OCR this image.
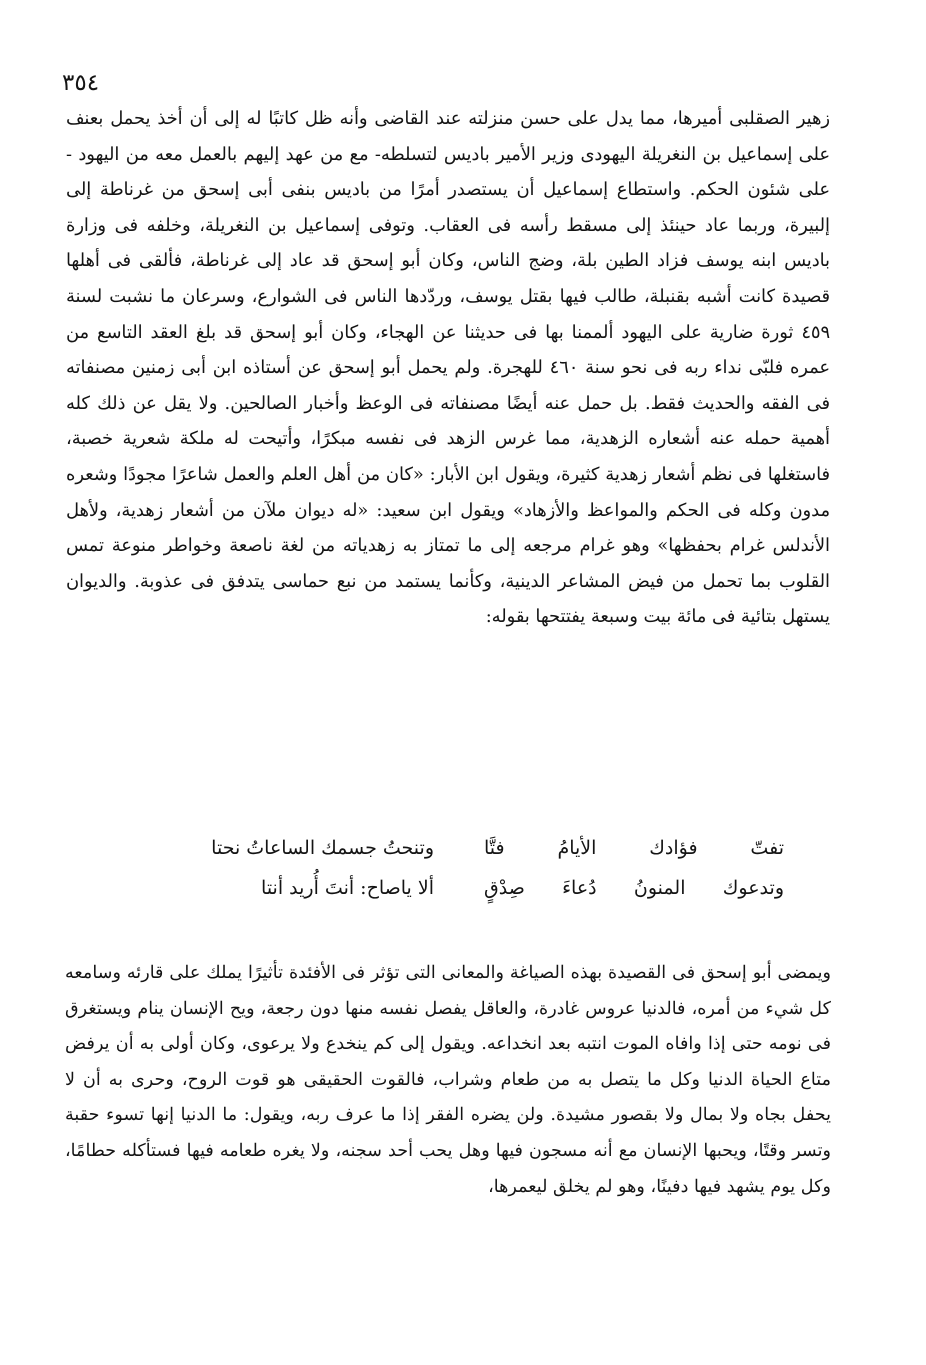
٣٥٤

زهير الصقلبى أميرها، مما يدل على حسن منزلته عند القاضى وأنه ظل كاتبًا له إلى أن أخذ يحمل بعنف على إسماعيل بن النغريلة اليهودى وزير الأمير باديس لتسلطه- مع من عهد إليهم بالعمل معه من اليهود - على شئون الحكم. واستطاع إسماعيل أن يستصدر أمرًا من باديس بنفى أبى إسحق من غرناطة إلى إلبيرة، وربما عاد حينئذ إلى مسقط رأسه فى العقاب. وتوفى إسماعيل بن النغريلة، وخلفه فى وزارة باديس ابنه يوسف فزاد الطين بلة، وضج الناس، وكان أبو إسحق قد عاد إلى غرناطة، فألقى فى أهلها قصيدة كانت أشبه بقنبلة، طالب فيها بقتل يوسف، وردّدها الناس فى الشوارع، وسرعان ما نشبت لسنة ٤٥٩ ثورة ضارية على اليهود ألممنا بها فى حديثنا عن الهجاء، وكان أبو إسحق قد بلغ العقد التاسع من عمره فلبّى نداء ربه فى نحو سنة ٤٦٠ للهجرة. ولم يحمل أبو إسحق عن أستاذه ابن أبى زمنين مصنفاته فى الفقه والحديث فقط. بل حمل عنه أيضًا مصنفاته فى الوعظ وأخبار الصالحين. ولا يقل عن ذلك كله أهمية حمله عنه أشعاره الزهدية، مما غرس الزهد فى نفسه مبكرًا، وأتيحت له ملكة شعرية خصبة، فاستغلها فى نظم أشعار زهدية كثيرة، ويقول ابن الأبار: «كان من أهل العلم والعمل شاعرًا مجودًا وشعره مدون وكله فى الحكم والمواعظ والأزهاد» ويقول ابن سعيد: «له ديوان ملآن من أشعار زهدية، ولأهل الأندلس غرام بحفظها» وهو غرام مرجعه إلى ما تمتاز به زهدياته من لغة ناصعة وخواطر منوعة تمس القلوب بما تحمل من فيض المشاعر الدينية، وكأنما يستمد من نبع حماسى يتدفق فى عذوبة. والديوان يستهل بتائية فى مائة بيت وسبعة يفتتحها بقوله:

تفتّ فؤادك الأيامُ فتَّا
وتنحتُ جسمك الساعاتُ نحتا
وتدعوك المنونُ دُعاءَ صِدْقٍ
ألا ياصاح: أنتَ أُريد أنتا

ويمضى أبو إسحق فى القصيدة بهذه الصياغة والمعانى التى تؤثر فى الأفئدة تأثيرًا يملك على قارئه وسامعه كل شيء من أمره، فالدنيا عروس غادرة، والعاقل يفصل نفسه منها دون رجعة، ويح الإنسان ينام ويستغرق فى نومه حتى إذا وافاه الموت انتبه بعد انخداعه. ويقول إلى كم ينخدع ولا يرعوى، وكان أولى به أن يرفض متاع الحياة الدنيا وكل ما يتصل به من طعام وشراب، فالقوت الحقيقى هو قوت الروح، وحرى به أن لا يحفل بجاه ولا بمال ولا بقصور مشيدة. ولن يضره الفقر إذا ما عرف ربه، ويقول: ما الدنيا إنها تسوء حقبة وتسر وقتًا، ويحبها الإنسان مع أنه مسجون فيها وهل يحب أحد سجنه، ولا يغره طعامه فيها فستأكله حطامًا، وكل يوم يشهد فيها دفينًا، وهو لم يخلق ليعمرها،
